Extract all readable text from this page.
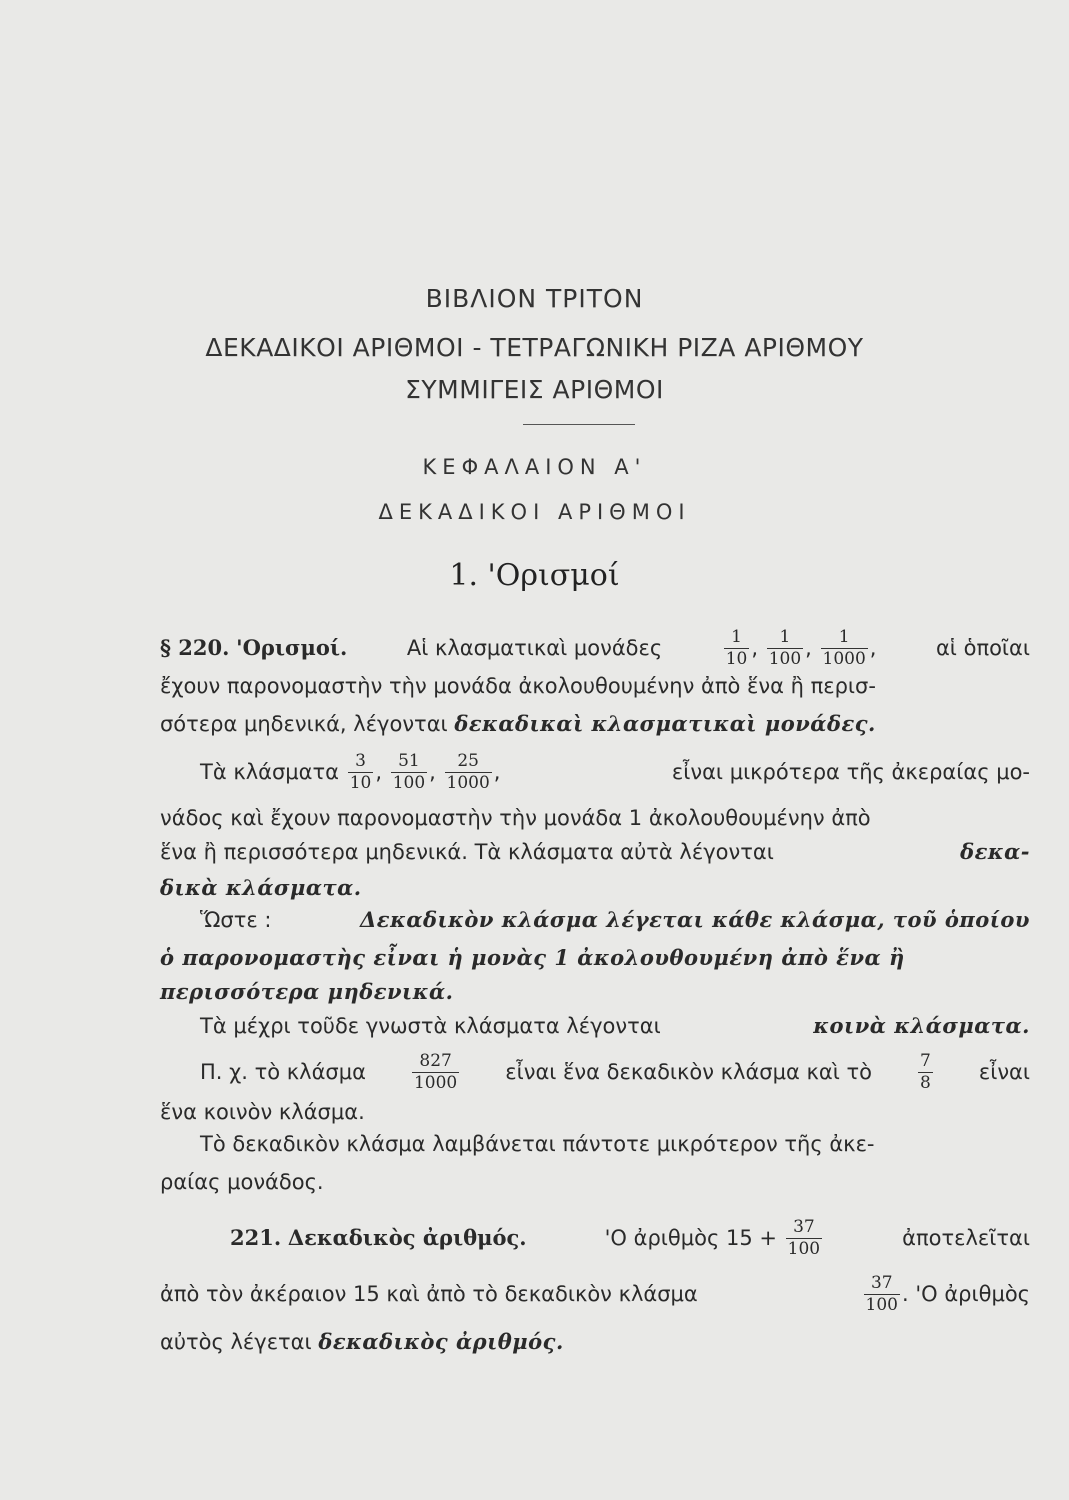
ΒΙΒΛΙΟΝ ΤΡΙΤΟΝ
ΔΕΚΑΔΙΚΟΙ ΑΡΙΘΜΟΙ - ΤΕΤΡΑΓΩΝΙΚΗ ΡΙΖΑ ΑΡΙΘΜΟΥ
ΣΥΜΜΙΓΕΙΣ ΑΡΙΘΜΟΙ
ΚΕΦΑΛΑΙΟΝ Α'
ΔΕΚΑΔΙΚΟΙ ΑΡΙΘΜΟΙ
1. 'Ορισμοί
§ 220. 'Ορισμοί.	Αἱ κλασματικαὶ μονάδες	$\frac{1}{10}$ , $\frac{1}{100}$ , $\frac{1}{1000}$ ,	αἱ ὁποῖαι
ἔχουν παρονομαστὴν τὴν μονάδα ἀκολουθουμένην ἀπὸ ἕνα ἢ περισ-
σότερα μηδενικά, λέγονται δεκαδικαὶ κλασματικαὶ μονάδες.
Τὰ κλάσματα $\frac{3}{10}$ , $\frac{51}{100}$ , $\frac{25}{1000}$ ,	εἶναι μικρότερα τῆς ἀκεραίας μο-
νάδος καὶ ἔχουν παρονομαστὴν τὴν μονάδα 1 ἀκολουθουμένην ἀπὸ
ἕνα ἢ περισσότερα μηδενικά. Τὰ κλάσματα αὐτὰ λέγονται	δεκα-
δικὰ κλάσματα.
Ὥστε :	Δεκαδικὸν κλάσμα λέγεται κάθε κλάσμα, τοῦ ὁποίου
ὁ παρονομαστὴς εἶναι ἡ μονὰς 1 ἀκολουθουμένη ἀπὸ ἕνα ἢ
περισσότερα μηδενικά.
Τὰ μέχρι τοῦδε γνωστὰ κλάσματα λέγονται	κοινὰ κλάσματα.
Π. χ. τὸ κλάσμα	$\frac{827}{1000}$ εἶναι ἕνα δεκαδικὸν κλάσμα καὶ τὸ	$\frac{7}{8}$ εἶναι
ἕνα κοινὸν κλάσμα.
Τὸ δεκαδικὸν κλάσμα λαμβάνεται πάντοτε μικρότερον τῆς ἀκε-
ραίας μονάδος.
221. Δεκαδικὸς ἀριθμός.	'Ο ἀριθμὸς $15 + \frac{37}{100}$	ἀποτελεῖται
ἀπὸ τὸν ἀκέραιον 15 καὶ ἀπὸ τὸ δεκαδικὸν κλάσμα	$\frac{37}{100}$ . 'Ο ἀριθμὸς
αὐτὸς λέγεται δεκαδικὸς ἀριθμός.
